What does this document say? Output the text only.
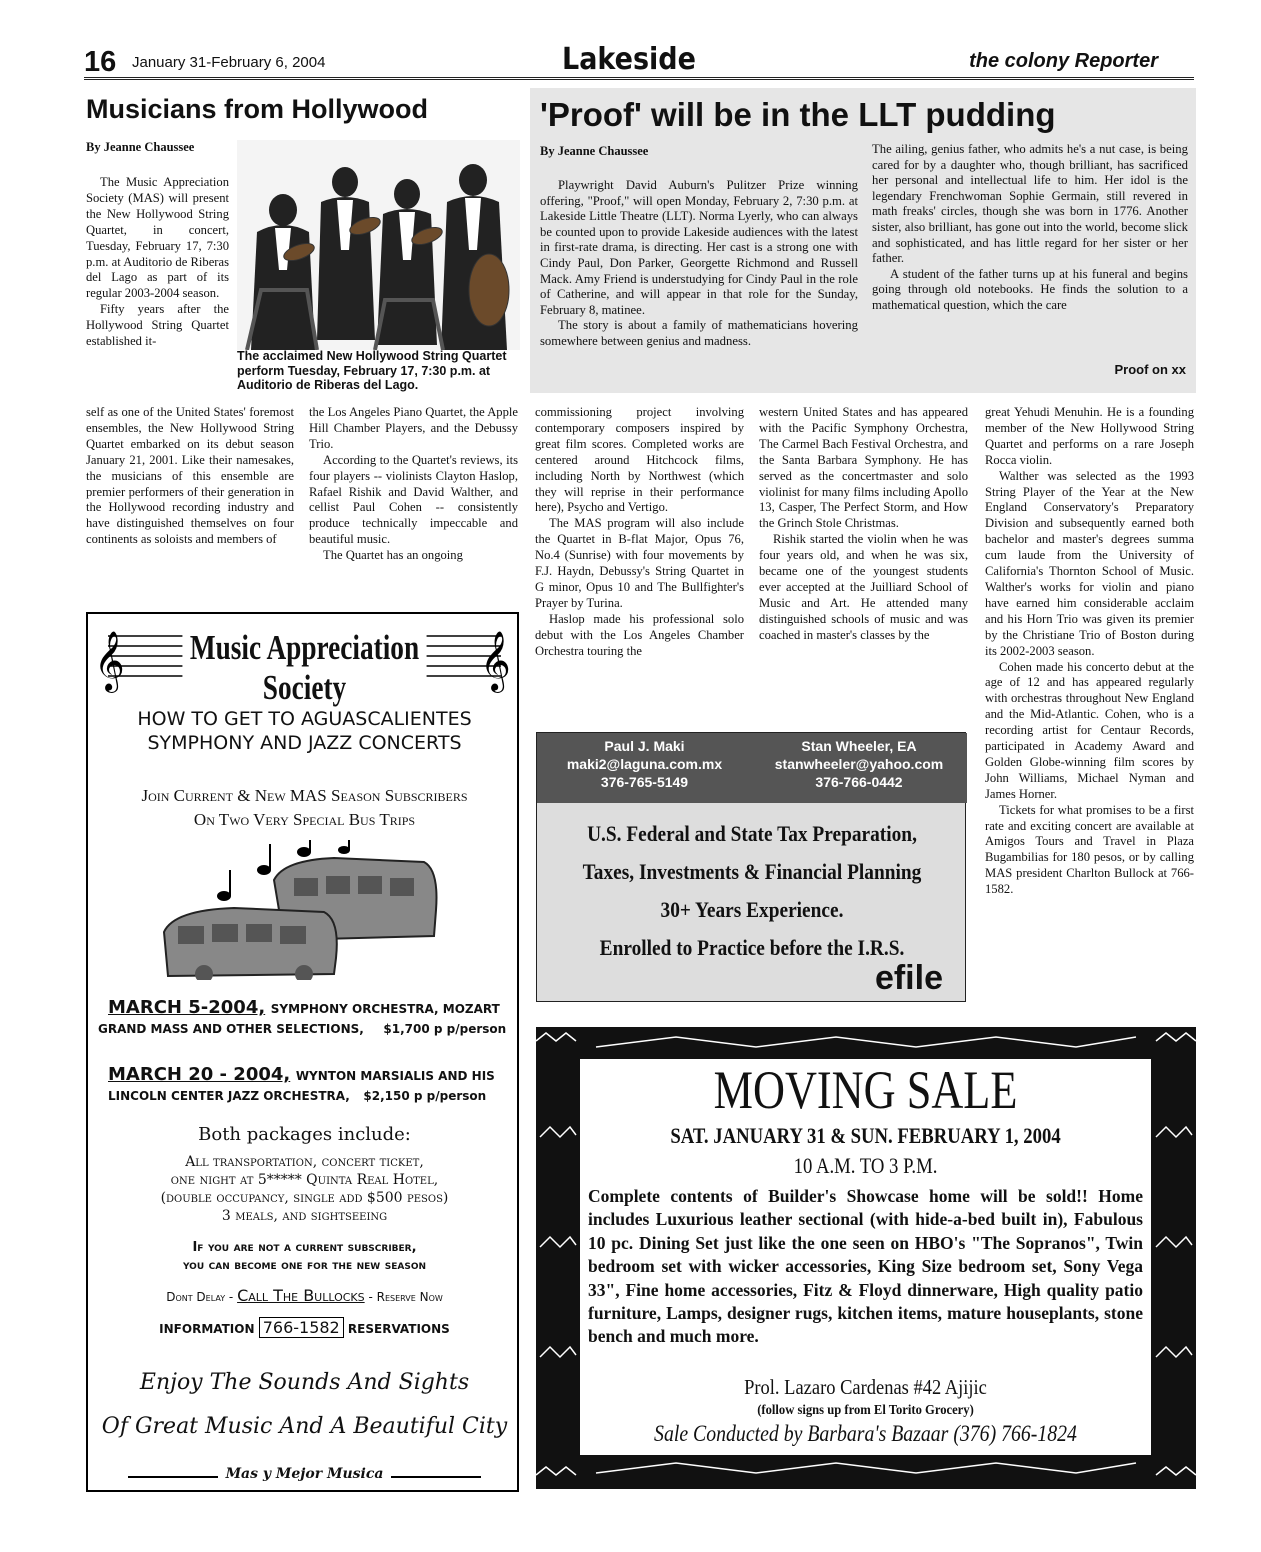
16 January 31-February 6, 2004	Lakeside	the colony Reporter
Musicians from Hollywood
By Jeanne Chaussee

The Music Appreciation Society (MAS) will present the New Hollywood String Quartet, in concert, Tuesday, February 17, 7:30 p.m. at Auditorio de Riberas del Lago as part of its regular 2003-2004 season.

Fifty years after the Hollywood String Quartet established it-

The acclaimed New Hollywood String Quartet perform Tuesday, February 17, 7:30 p.m. at Auditorio de Riberas del Lago.

self as one of the United States' foremost ensembles, the New Hollywood String Quartet embarked on its debut season January 21, 2001. Like their namesakes, the musicians of this ensemble are premier performers of their generation in the Hollywood recording industry and have distinguished themselves on four continents as soloists and members of

the Los Angeles Piano Quartet, the Apple Hill Chamber Players, and the Debussy Trio.

According to the Quartet's reviews, its four players -- violinists Clayton Haslop, Rafael Rishik and David Walther, and cellist Paul Cohen -- consistently produce technically impeccable and beautiful music.

The Quartet has an ongoing

commissioning project involving contemporary composers inspired by great film scores. Completed works are centered around Hitchcock films, including North by Northwest (which they will reprise in their performance here), Psycho and Vertigo.

The MAS program will also include the Quartet in B-flat Major, Opus 76, No.4 (Sunrise) with four movements by F.J. Haydn, Debussy's String Quartet in G minor, Opus 10 and The Bullfighter's Prayer by Turina.

Haslop made his professional solo debut with the Los Angeles Chamber Orchestra touring the

western United States and has appeared with the Pacific Symphony Orchestra, The Carmel Bach Festival Orchestra, and the Santa Barbara Symphony. He has served as the concertmaster and solo violinist for many films including Apollo 13, Casper, The Perfect Storm, and How the Grinch Stole Christmas.

Rishik started the violin when he was four years old, and when he was six, became one of the youngest students ever accepted at the Juilliard School of Music and Art. He attended many distinguished schools of music and was coached in master's classes by the

great Yehudi Menuhin. He is a founding member of the New Hollywood String Quartet and performs on a rare Joseph Rocca violin.

Walther was selected as the 1993 String Player of the Year at the New England Conservatory's Preparatory Division and subsequently earned both bachelor and master's degrees summa cum laude from the University of California's Thornton School of Music. Walther's works for violin and piano have earned him considerable acclaim and his Horn Trio was given its premier by the Christiane Trio of Boston during its 2002-2003 season.

Cohen made his concerto debut at the age of 12 and has appeared regularly with orchestras throughout New England and the Mid-Atlantic. Cohen, who is a recording artist for Centaur Records, participated in Academy Award and Golden Globe-winning film scores by John Williams, Michael Nyman and James Horner.

Tickets for what promises to be a first rate and exciting concert are available at Amigos Tours and Travel in Plaza Bugambilias for 180 pesos, or by calling MAS president Charlton Bullock at 766-1582.

'Proof' will be in the LLT pudding
By Jeanne Chaussee

Playwright David Auburn's Pulitzer Prize winning offering, "Proof," will open Monday, February 2, 7:30 p.m. at Lakeside Little Theatre (LLT). Norma Lyerly, who can always be counted upon to provide Lakeside audiences with the latest in first-rate drama, is directing. Her cast is a strong one with Cindy Paul, Don Parker, Georgette Richmond and Russell Mack. Amy Friend is understudying for Cindy Paul in the role of Catherine, and will appear in that role for the Sunday, February 8, matinee.

The story is about a family of mathematicians hovering somewhere between genius and madness.

The ailing, genius father, who admits he's a nut case, is being cared for by a daughter who, though brilliant, has sacrificed her personal and intellectual life to him. Her idol is the legendary Frenchwoman Sophie Germain, still revered in math freaks' circles, though she was born in 1776. Another sister, also brilliant, has gone out into the world, become slick and sophisticated, and has little regard for her sister or her father.

A student of the father turns up at his funeral and begins going through old notebooks. He finds the solution to a mathematical question, which the care

Proof on xx
𝄞	𝄞
Music Appreciation Society
HOW TO GET TO AGUASCALIENTES
SYMPHONY AND JAZZ CONCERTS
Join Current & New MAS Season Subscribers
On Two Very Special Bus Trips
MARCH 5-2004, SYMPHONY ORCHESTRA, MOZART
GRAND MASS AND OTHER SELECTIONS, $1,700 p p/person
MARCH 20 - 2004, WYNTON MARSIALIS AND HIS
LINCOLN CENTER JAZZ ORCHESTRA, $2,150 p p/person
Both packages include:
All transportation, concert ticket,
one night at 5***** Quinta Real Hotel,
(double occupancy, single add $500 pesos)
3 meals, and sightseeing
If you are not a current subscriber,
you can become one for the new season
Dont Delay - Call The Bullocks - Reserve Now
INFORMATION 766-1582 RESERVATIONS
Enjoy The Sounds And Sights
Of Great Music And A Beautiful City
Mas y Mejor Musica
Paul J. Maki
maki2@laguna.com.mx
376-765-5149
Stan Wheeler, EA
stanwheeler@yahoo.com
376-766-0442
U.S. Federal and State Tax Preparation,
Taxes, Investments & Financial Planning
30+ Years Experience.
Enrolled to Practice before the I.R.S.
efile
MOVING SALE
SAT. JANUARY 31 & SUN. FEBRUARY 1, 2004
10 A.M. TO 3 P.M.
Complete contents of Builder's Showcase home will be sold!! Home includes Luxurious leather sectional (with hide-a-bed built in), Fabulous 10 pc. Dining Set just like the one seen on HBO's "The Sopranos", Twin bedroom set with wicker accessories, King Size bedroom set, Sony Vega 33", Fine home accessories, Fitz & Floyd dinnerware, High quality patio furniture, Lamps, designer rugs, kitchen items, mature houseplants, stone bench and much more.
Prol. Lazaro Cardenas #42 Ajijic
(follow signs up from El Torito Grocery)
Sale Conducted by Barbara's Bazaar (376) 766-1824
